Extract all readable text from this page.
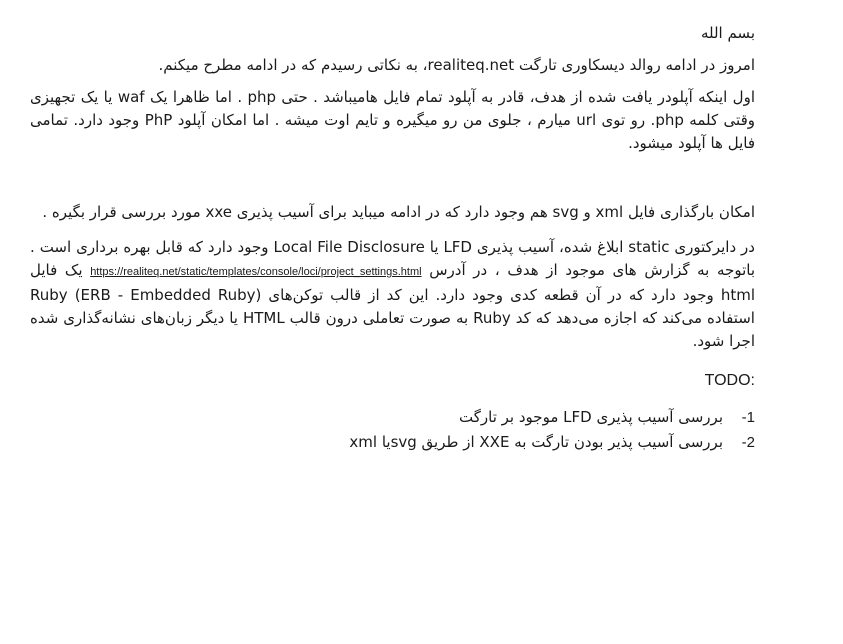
بسم الله

امروز در ادامه روالد دیسکاوری تارگت realiteq.net، به نکاتی رسیدم که در ادامه مطرح میکنم.

اول اینکه آپلودر یافت شده از هدف، قادر به آپلود تمام فایل هامیباشد . حتی php . اما ظاهرا یک waf یا یک تجهیزی وقتی کلمه php. رو توی url میارم ، جلوی من رو میگیره و تایم اوت میشه . اما امکان آپلود PhP وجود دارد. تمامی فایل ها آپلود میشود.

امکان بارگذاری فایل xml و svg هم وجود دارد که در ادامه میباید برای آسیب پذیری xxe مورد بررسی قرار بگیره .

در دایرکتوری static ابلاغ شده، آسیب پذیری LFD یا Local File Disclosure وجود دارد که قابل بهره برداری است . باتوجه به گزارش های موجود از هدف ، در آدرس https://realiteq.net/static/templates/console/loci/project_settings.html یک فایل html وجود دارد که در آن قطعه کدی وجود دارد. این کد از قالب توکن‌های (ERB - Embedded Ruby) Ruby استفاده می‌کند که اجازه می‌دهد که کد Ruby به صورت تعاملی درون قالب HTML یا دیگر زبان‌های نشانه‌گذاری شده اجرا شود.

TODO:

1-
بررسی آسیب پذیری LFD موجود بر تارگت
2-
بررسی آسیب پذیر بودن تارگت به XXE از طریق svgیا xml
